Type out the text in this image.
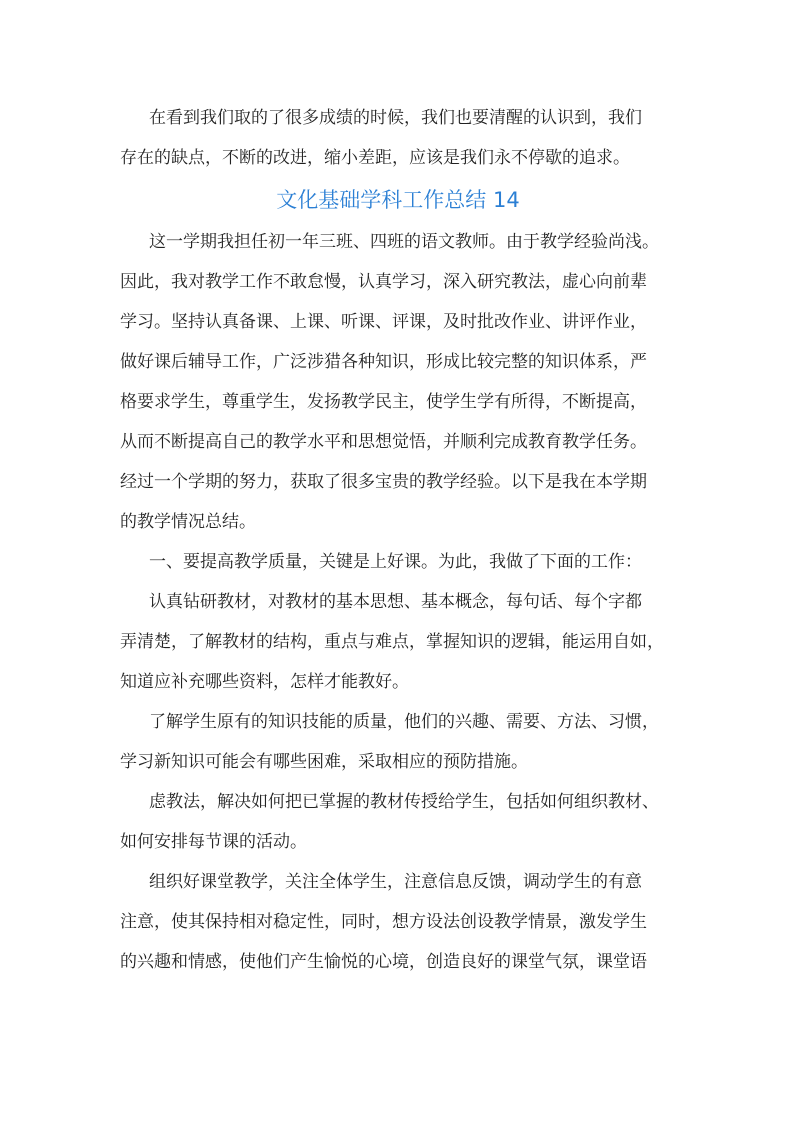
在看到我们取的了很多成绩的时候，我们也要清醒的认识到，我们
存在的缺点，不断的改进，缩小差距，应该是我们永不停歇的追求。
文化基础学科工作总结 14
这一学期我担任初一年三班、四班的语文教师。由于教学经验尚浅。
因此，我对教学工作不敢怠慢，认真学习，深入研究教法，虚心向前辈
学习。坚持认真备课、上课、听课、评课，及时批改作业、讲评作业，
做好课后辅导工作，广泛涉猎各种知识，形成比较完整的知识体系，严
格要求学生，尊重学生，发扬教学民主，使学生学有所得，不断提高，
从而不断提高自己的教学水平和思想觉悟，并顺利完成教育教学任务。
经过一个学期的努力，获取了很多宝贵的教学经验。以下是我在本学期
的教学情况总结。
一、要提高教学质量，关键是上好课。为此，我做了下面的工作：
认真钻研教材，对教材的基本思想、基本概念，每句话、每个字都
弄清楚，了解教材的结构，重点与难点，掌握知识的逻辑，能运用自如，
知道应补充哪些资料，怎样才能教好。
了解学生原有的知识技能的质量，他们的兴趣、需要、方法、习惯，
学习新知识可能会有哪些困难，采取相应的预防措施。
虑教法，解决如何把已掌握的教材传授给学生，包括如何组织教材、
如何安排每节课的活动。
组织好课堂教学，关注全体学生，注意信息反馈，调动学生的有意
注意，使其保持相对稳定性，同时，想方设法创设教学情景，激发学生
的兴趣和情感，使他们产生愉悦的心境，创造良好的课堂气氛，课堂语
